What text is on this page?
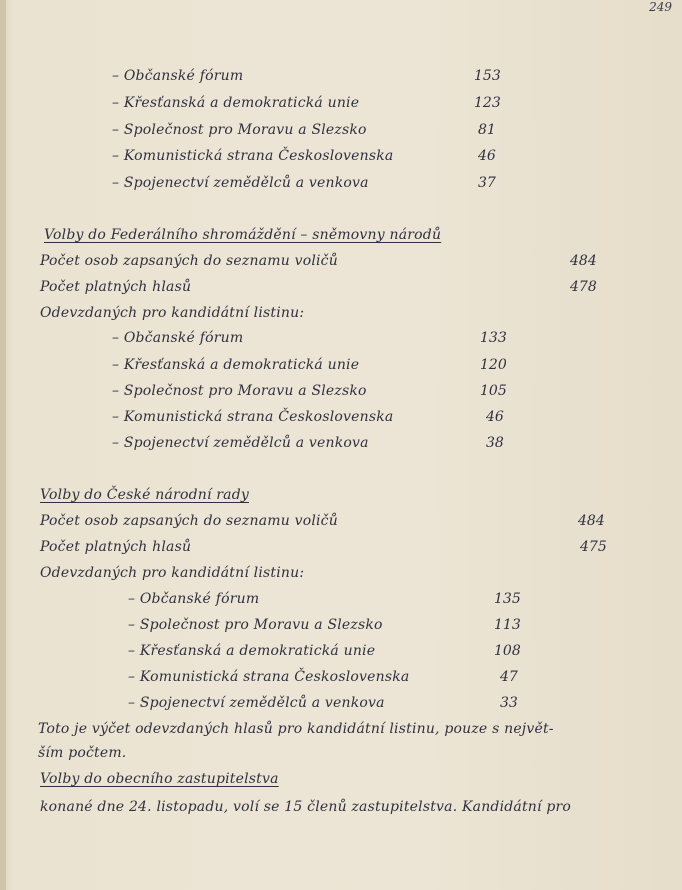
249
– Občanské fórum	153
– Křesťanská a demokratická unie	123
– Společnost pro Moravu a Slezsko	81
– Komunistická strana Československa	46
– Spojenectví zemědělců a venkova	37
Volby do Federálního shromáždění – sněmovny národů
Počet osob zapsaných do seznamu voličů	484
Počet platných hlasů	478
Odevzdaných pro kandidátní listinu:
– Občanské fórum	133
– Křesťanská a demokratická unie	120
– Společnost pro Moravu a Slezsko	105
– Komunistická strana Československa	46
– Spojenectví zemědělců a venkova	38
Volby do České národní rady
Počet osob zapsaných do seznamu voličů	484
Počet platných hlasů	475
Odevzdaných pro kandidátní listinu:
– Občanské fórum	135
– Společnost pro Moravu a Slezsko	113
– Křesťanská a demokratická unie	108
– Komunistická strana Československa	47
– Spojenectví zemědělců a venkova	33
Toto je výčet odevzdaných hlasů pro kandidátní listinu, pouze s největ-
ším počtem.
Volby do obecního zastupitelstva
konané dne 24. listopadu, volí se 15 členů zastupitelstva. Kandidátní pro
